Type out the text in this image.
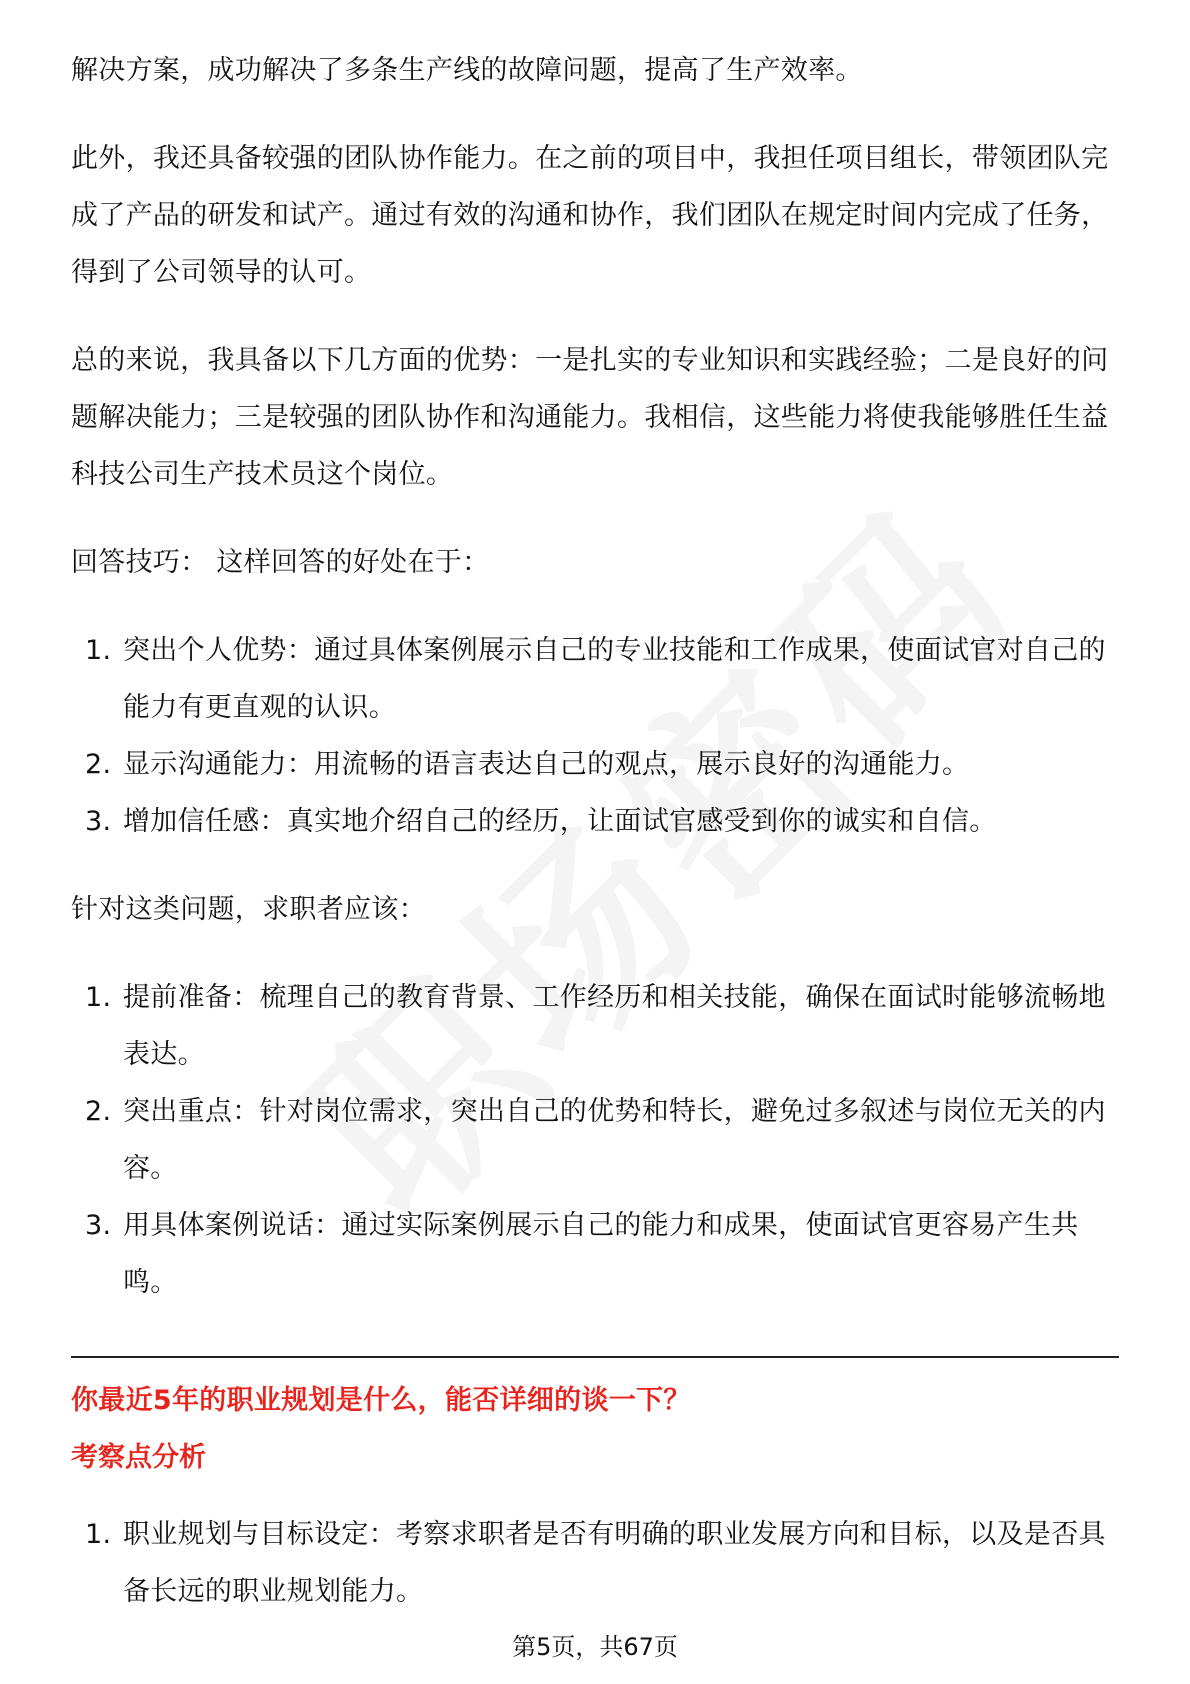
解决方案，成功解决了多条生产线的故障问题，提高了生产效率。

此外，我还具备较强的团队协作能力。在之前的项目中，我担任项目组长，带领团队完成了产品的研发和试产。通过有效的沟通和协作，我们团队在规定时间内完成了任务，得到了公司领导的认可。

总的来说，我具备以下几方面的优势：一是扎实的专业知识和实践经验；二是良好的问题解决能力；三是较强的团队协作和沟通能力。我相信，这些能力将使我能够胜任生益科技公司生产技术员这个岗位。

回答技巧： 这样回答的好处在于：

1. 突出个人优势：通过具体案例展示自己的专业技能和工作成果，使面试官对自己的能力有更直观的认识。
2. 显示沟通能力：用流畅的语言表达自己的观点，展示良好的沟通能力。
3. 增加信任感：真实地介绍自己的经历，让面试官感受到你的诚实和自信。

针对这类问题，求职者应该：

1. 提前准备：梳理自己的教育背景、工作经历和相关技能，确保在面试时能够流畅地表达。
2. 突出重点：针对岗位需求，突出自己的优势和特长，避免过多叙述与岗位无关的内容。
3. 用具体案例说话：通过实际案例展示自己的能力和成果，使面试官更容易产生共鸣。
你最近5年的职业规划是什么，能否详细的谈一下？
考察点分析
1. 职业规划与目标设定：考察求职者是否有明确的职业发展方向和目标，以及是否具备长远的职业规划能力。
第5页，共67页
